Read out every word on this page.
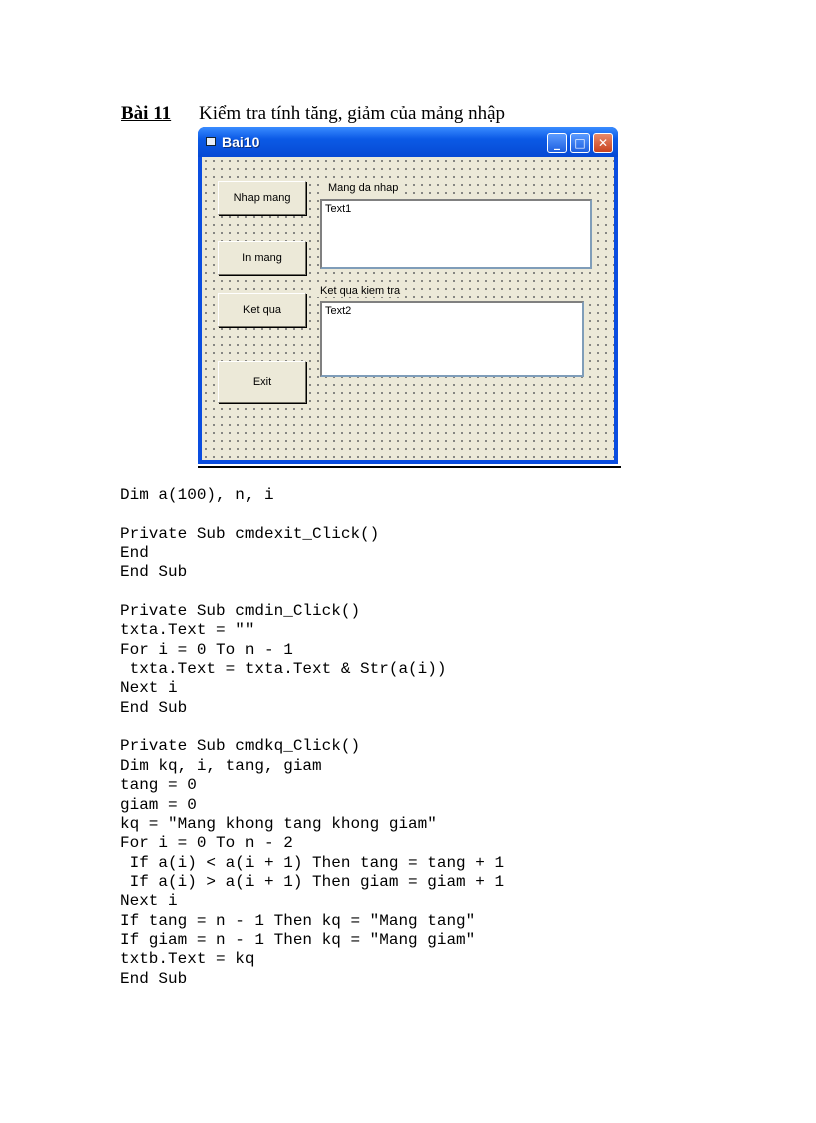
Bài 11 Kiểm tra tính tăng, giảm của mảng nhập
Bai10	_	□	✕
Nhap mang
In mang
Ket qua
Exit
Mang da nhap
Text1
Ket qua kiem tra
Text2
Dim a(100), n, i
Private Sub cmdexit_Click()
End
End Sub
Private Sub cmdin_Click()
txta.Text = ""
For i = 0 To n - 1
txta.Text = txta.Text & Str(a(i))
Next i
End Sub
Private Sub cmdkq_Click()
Dim kq, i, tang, giam
tang = 0
giam = 0
kq = "Mang khong tang khong giam"
For i = 0 To n - 2
If a(i) < a(i + 1) Then tang = tang + 1
If a(i) > a(i + 1) Then giam = giam + 1
Next i
If tang = n - 1 Then kq = "Mang tang"
If giam = n - 1 Then kq = "Mang giam"
txtb.Text = kq
End Sub
